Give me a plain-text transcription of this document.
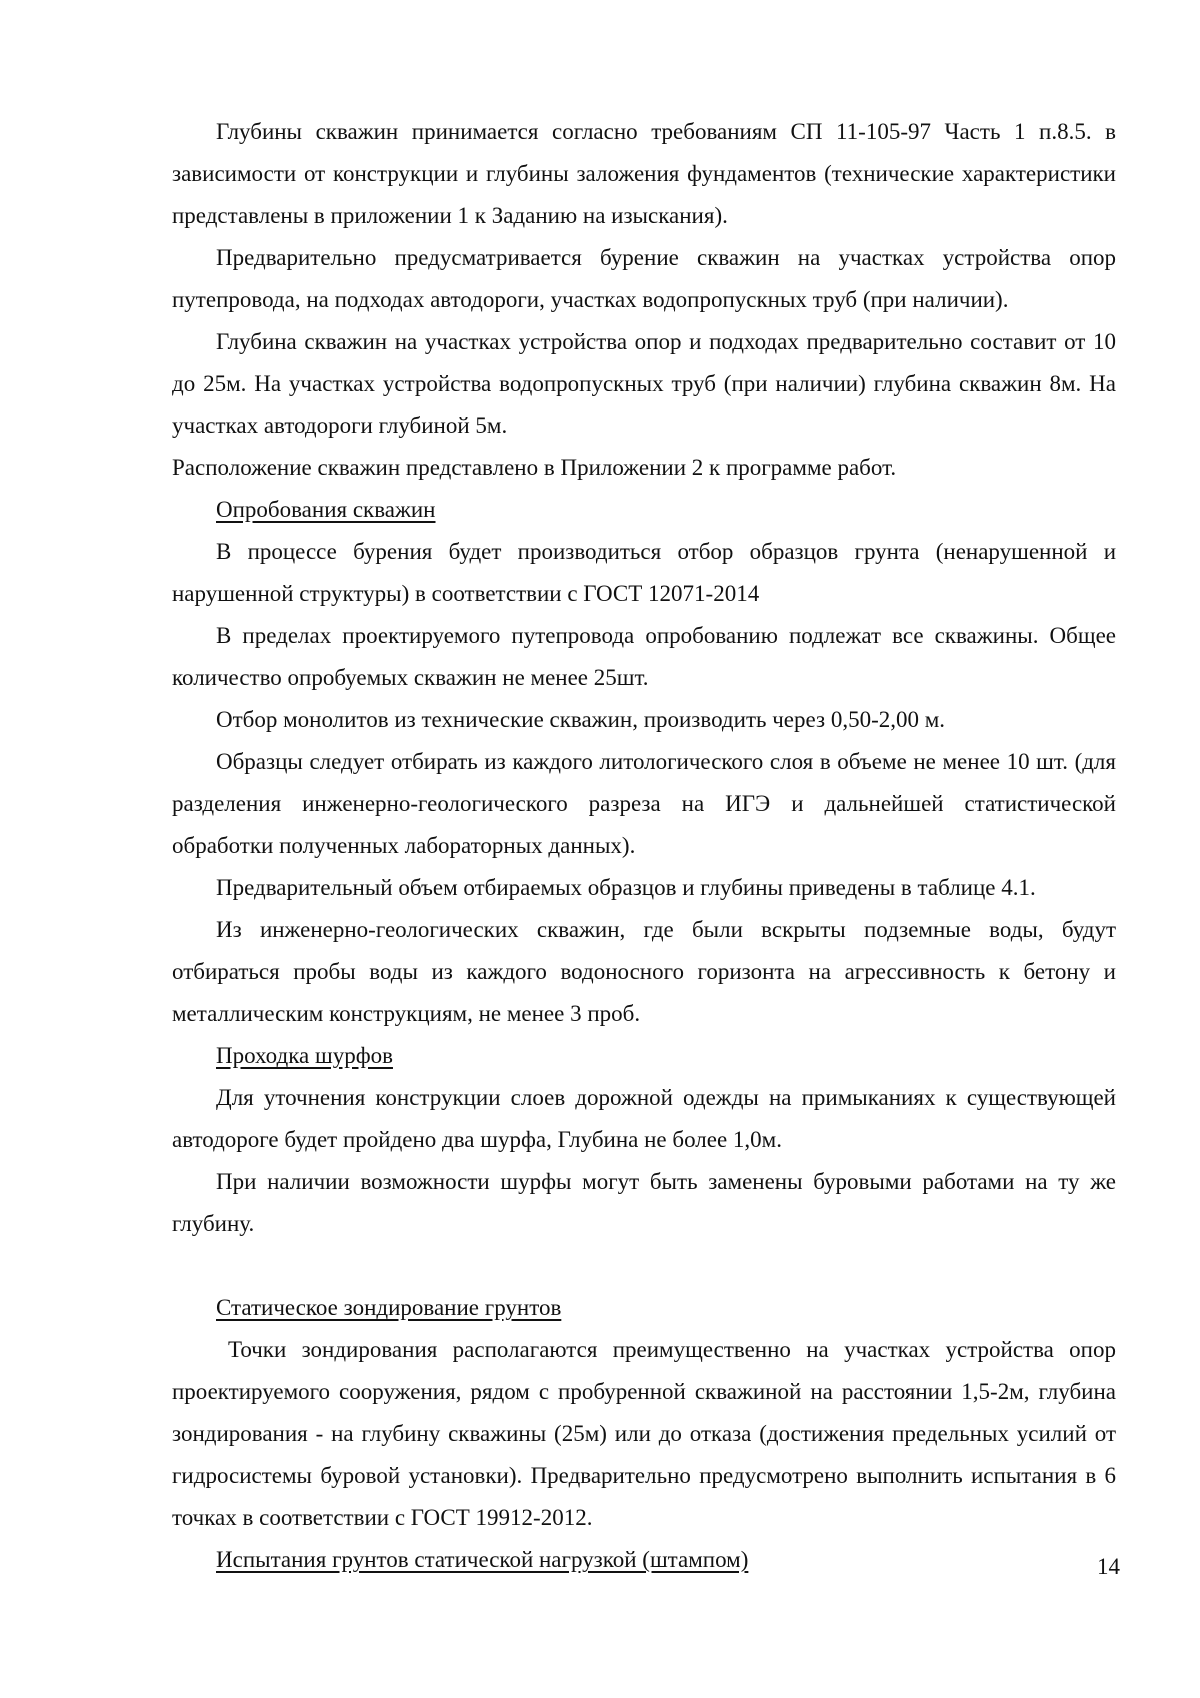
Глубины скважин принимается согласно требованиям СП 11-105-97 Часть 1 п.8.5. в зависимости от конструкции и глубины заложения фундаментов (технические характеристики представлены в приложении 1 к Заданию на изыскания).

Предварительно предусматривается бурение скважин на участках устройства опор путепровода, на подходах автодороги, участках водопропускных труб (при наличии).

Глубина скважин на участках устройства опор и подходах предварительно составит от 10 до 25м. На участках устройства водопропускных труб (при наличии) глубина скважин 8м. На участках автодороги глубиной 5м.

Расположение скважин представлено в Приложении 2 к программе работ.

Опробования скважин

В процессе бурения будет производиться отбор образцов грунта (ненарушенной и нарушенной структуры) в соответствии с ГОСТ 12071-2014

В пределах проектируемого путепровода опробованию подлежат все скважины. Общее количество опробуемых скважин не менее 25шт.

Отбор монолитов из технические скважин, производить через 0,50-2,00 м.

Образцы следует отбирать из каждого литологического слоя в объеме не менее 10 шт. (для разделения инженерно-геологического разреза на ИГЭ и дальнейшей статистической обработки полученных лабораторных данных).

Предварительный объем отбираемых образцов и глубины приведены в таблице 4.1.

Из инженерно-геологических скважин, где были вскрыты подземные воды, будут отбираться пробы воды из каждого водоносного горизонта на агрессивность к бетону и металлическим конструкциям, не менее 3 проб.

Проходка шурфов

Для уточнения конструкции слоев дорожной одежды на примыканиях к существующей автодороге будет пройдено два шурфа, Глубина не более 1,0м.

При наличии возможности шурфы могут быть заменены буровыми работами на ту же глубину.

Статическое зондирование грунтов

Точки зондирования располагаются преимущественно на участках устройства опор проектируемого сооружения, рядом с пробуренной скважиной на расстоянии 1,5-2м, глубина зондирования - на глубину скважины (25м) или до отказа (достижения предельных усилий от гидросистемы буровой установки). Предварительно предусмотрено выполнить испытания в 6 точках в соответствии с ГОСТ 19912-2012.

Испытания грунтов статической нагрузкой (штампом)	14
